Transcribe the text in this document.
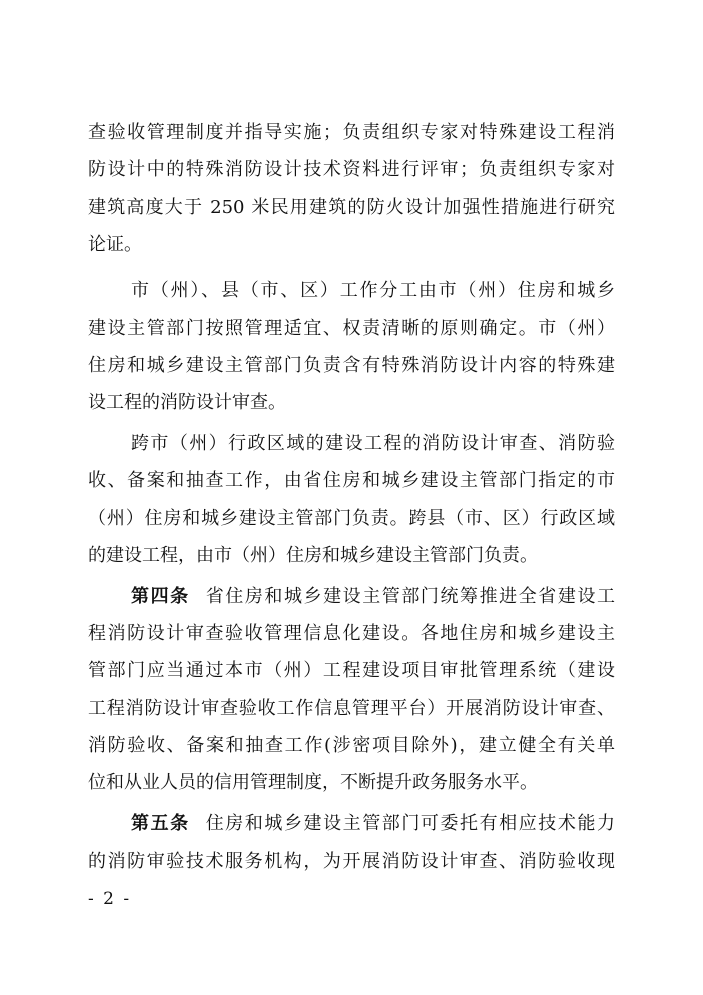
查验收管理制度并指导实施；负责组织专家对特殊建设工程消
防设计中的特殊消防设计技术资料进行评审；负责组织专家对
建筑高度大于 250 米民用建筑的防火设计加强性措施进行研究
论证。
市（州）、县（市、区）工作分工由市（州）住房和城乡
建设主管部门按照管理适宜、权责清晰的原则确定。市（州）
住房和城乡建设主管部门负责含有特殊消防设计内容的特殊建
设工程的消防设计审查。
跨市（州）行政区域的建设工程的消防设计审查、消防验
收、备案和抽查工作，由省住房和城乡建设主管部门指定的市
（州）住房和城乡建设主管部门负责。跨县（市、区）行政区域
的建设工程，由市（州）住房和城乡建设主管部门负责。
第四条 省住房和城乡建设主管部门统筹推进全省建设工
程消防设计审查验收管理信息化建设。各地住房和城乡建设主
管部门应当通过本市（州）工程建设项目审批管理系统（建设
工程消防设计审查验收工作信息管理平台）开展消防设计审查、
消防验收、备案和抽查工作(涉密项目除外)，建立健全有关单
位和从业人员的信用管理制度，不断提升政务服务水平。
第五条 住房和城乡建设主管部门可委托有相应技术能力
的消防审验技术服务机构，为开展消防设计审查、消防验收现
- 2 -
